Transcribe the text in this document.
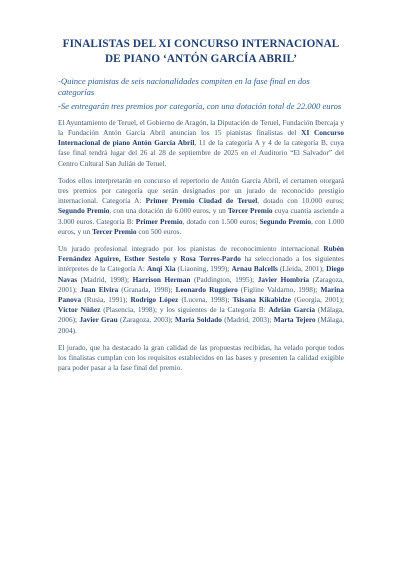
FINALISTAS DEL XI CONCURSO INTERNACIONAL
DE PIANO ‘ANTÓN GARCÍA ABRIL’

-Quince pianistas de seis nacionalidades compiten en la fase final en dos categorías

-Se entregarán tres premios por categoría, con una dotación total de 22.000 euros

El Ayuntamiento de Teruel, el Gobierno de Aragón, la Diputación de Teruel, Fundación Ibercaja y la Fundación Antón García Abril anuncian los 15 pianistas finalistas del XI Concurso Internacional de piano Antón García Abril, 11 de la categoría A y 4 de la categoría B, cuya fase final tendrá lugar del 26 al 28 de septiembre de 2025 en el Auditorio “El Salvador” del Centro Cultural San Julián de Teruel.

Todos ellos interpretarán en concurso el repertorio de Antón García Abril, el certamen otorgará tres premios por categoría que serán designados por un jurado de reconocido prestigio internacional. Categoría A: Primer Premio Ciudad de Teruel, dotado con 10.000 euros; Segundo Premio, con una dotación de 6.000 euros, y un Tercer Premio cuya cuantía asciende a 3.000 euros. Categoría B: Primer Premio, dotado con 1.500 euros; Segundo Premio, con 1.000 euros, y un Tercer Premio con 500 euros.

Un jurado profesional integrado por los pianistas de reconocimiento internacional Rubén Fernández Aguirre, Esther Sestelo y Rosa Torres-Pardo ha seleccionado a los siguientes intérpretes de la Categoría A: Anqi Xia (Liaoning, 1999); Arnau Balcells (Lleida, 2001); Diego Navas (Madrid, 1998); Harrison Herman (Paddington, 1995); Javier Hombría (Zaragoza, 2001); Juan Elvira (Granada, 1998); Leonardo Ruggiero (Figline Valdarno, 1998); Marina Panova (Rusia, 1991); Rodrigo López (Lucena, 1998); Tsisana Kikabidze (Georgia, 2001); Víctor Núñez (Plasencia, 1998); y los siguientes de la Categoría B: Adrián García (Málaga, 2006); Javier Grau (Zaragoza, 2003); María Soldado (Madrid, 2003); Marta Tejero (Málaga, 2004).

El jurado, que ha destacado la gran calidad de las propuestas recibidas, ha velado porque todos los finalistas cumplan con los requisitos establecidos en las bases y presenten la calidad exigible para poder pasar a la fase final del premio.
